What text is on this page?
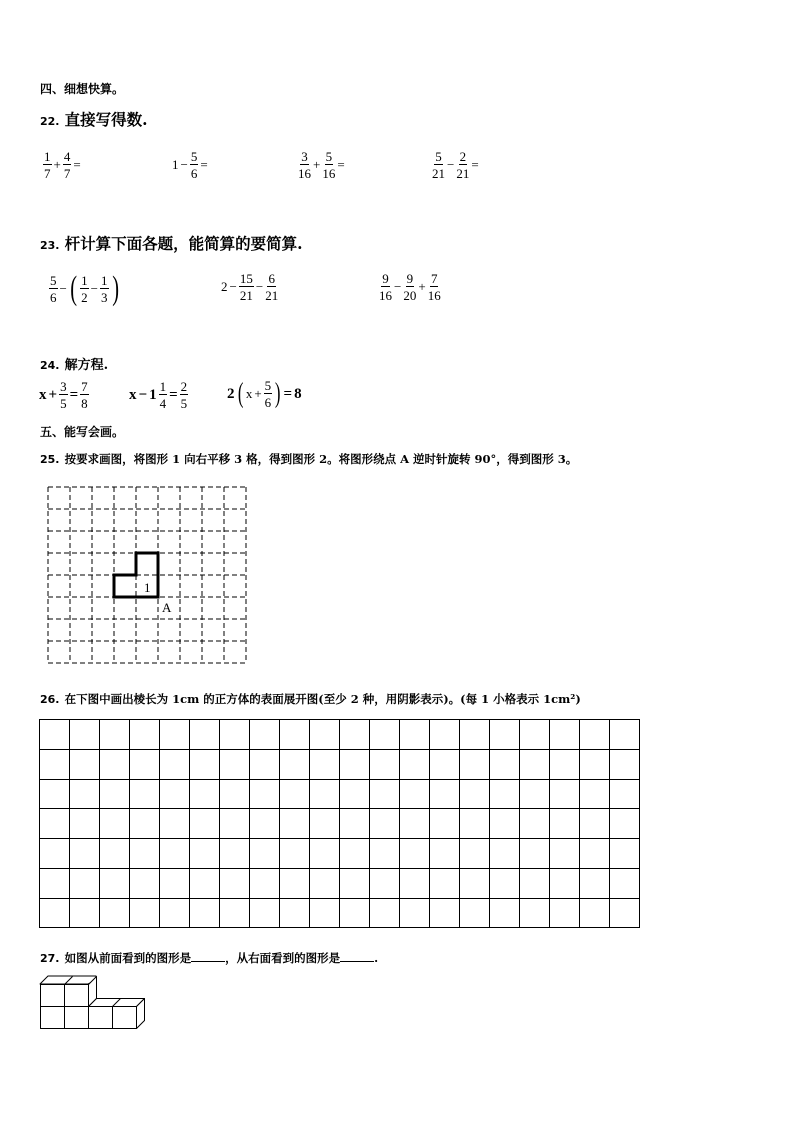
四、细想快算。
22. 直接写得数.
$\frac{1}{7} + \frac{4}{7}$ =	$1 - \frac{5}{6}$ =	$\frac{3}{16} + \frac{5}{16}$ =	$\frac{5}{21} - \frac{2}{21}$ =
23. 杆计算下面各题，能简算的要简算.
$\frac{5}{6}$ −( $\frac{1}{2} - \frac{1}{3}$ )	$2 - \frac{15}{21} - \frac{6}{21}$	$\frac{9}{16} - \frac{9}{20} + \frac{7}{16}$
24. 解方程.
$x + \frac{3}{5} = \frac{7}{8}$	$x - 1 \frac{1}{4} = \frac{2}{5}$	2 ( $x + \frac{5}{6}$ ) = 8
五、能写会画。
25. 按要求画图，将图形 1 向右平移 3 格，得到图形 2。将图形绕点 A 逆时针旋转 90°，得到图形 3。
1
A
26. 在下图中画出棱长为 1cm 的正方体的表面展开图(至少 2 种，用阴影表示)。(每 1 小格表示 1cm²)
27. 如图从前面看到的图形是	，从右面看到的图形是	.
